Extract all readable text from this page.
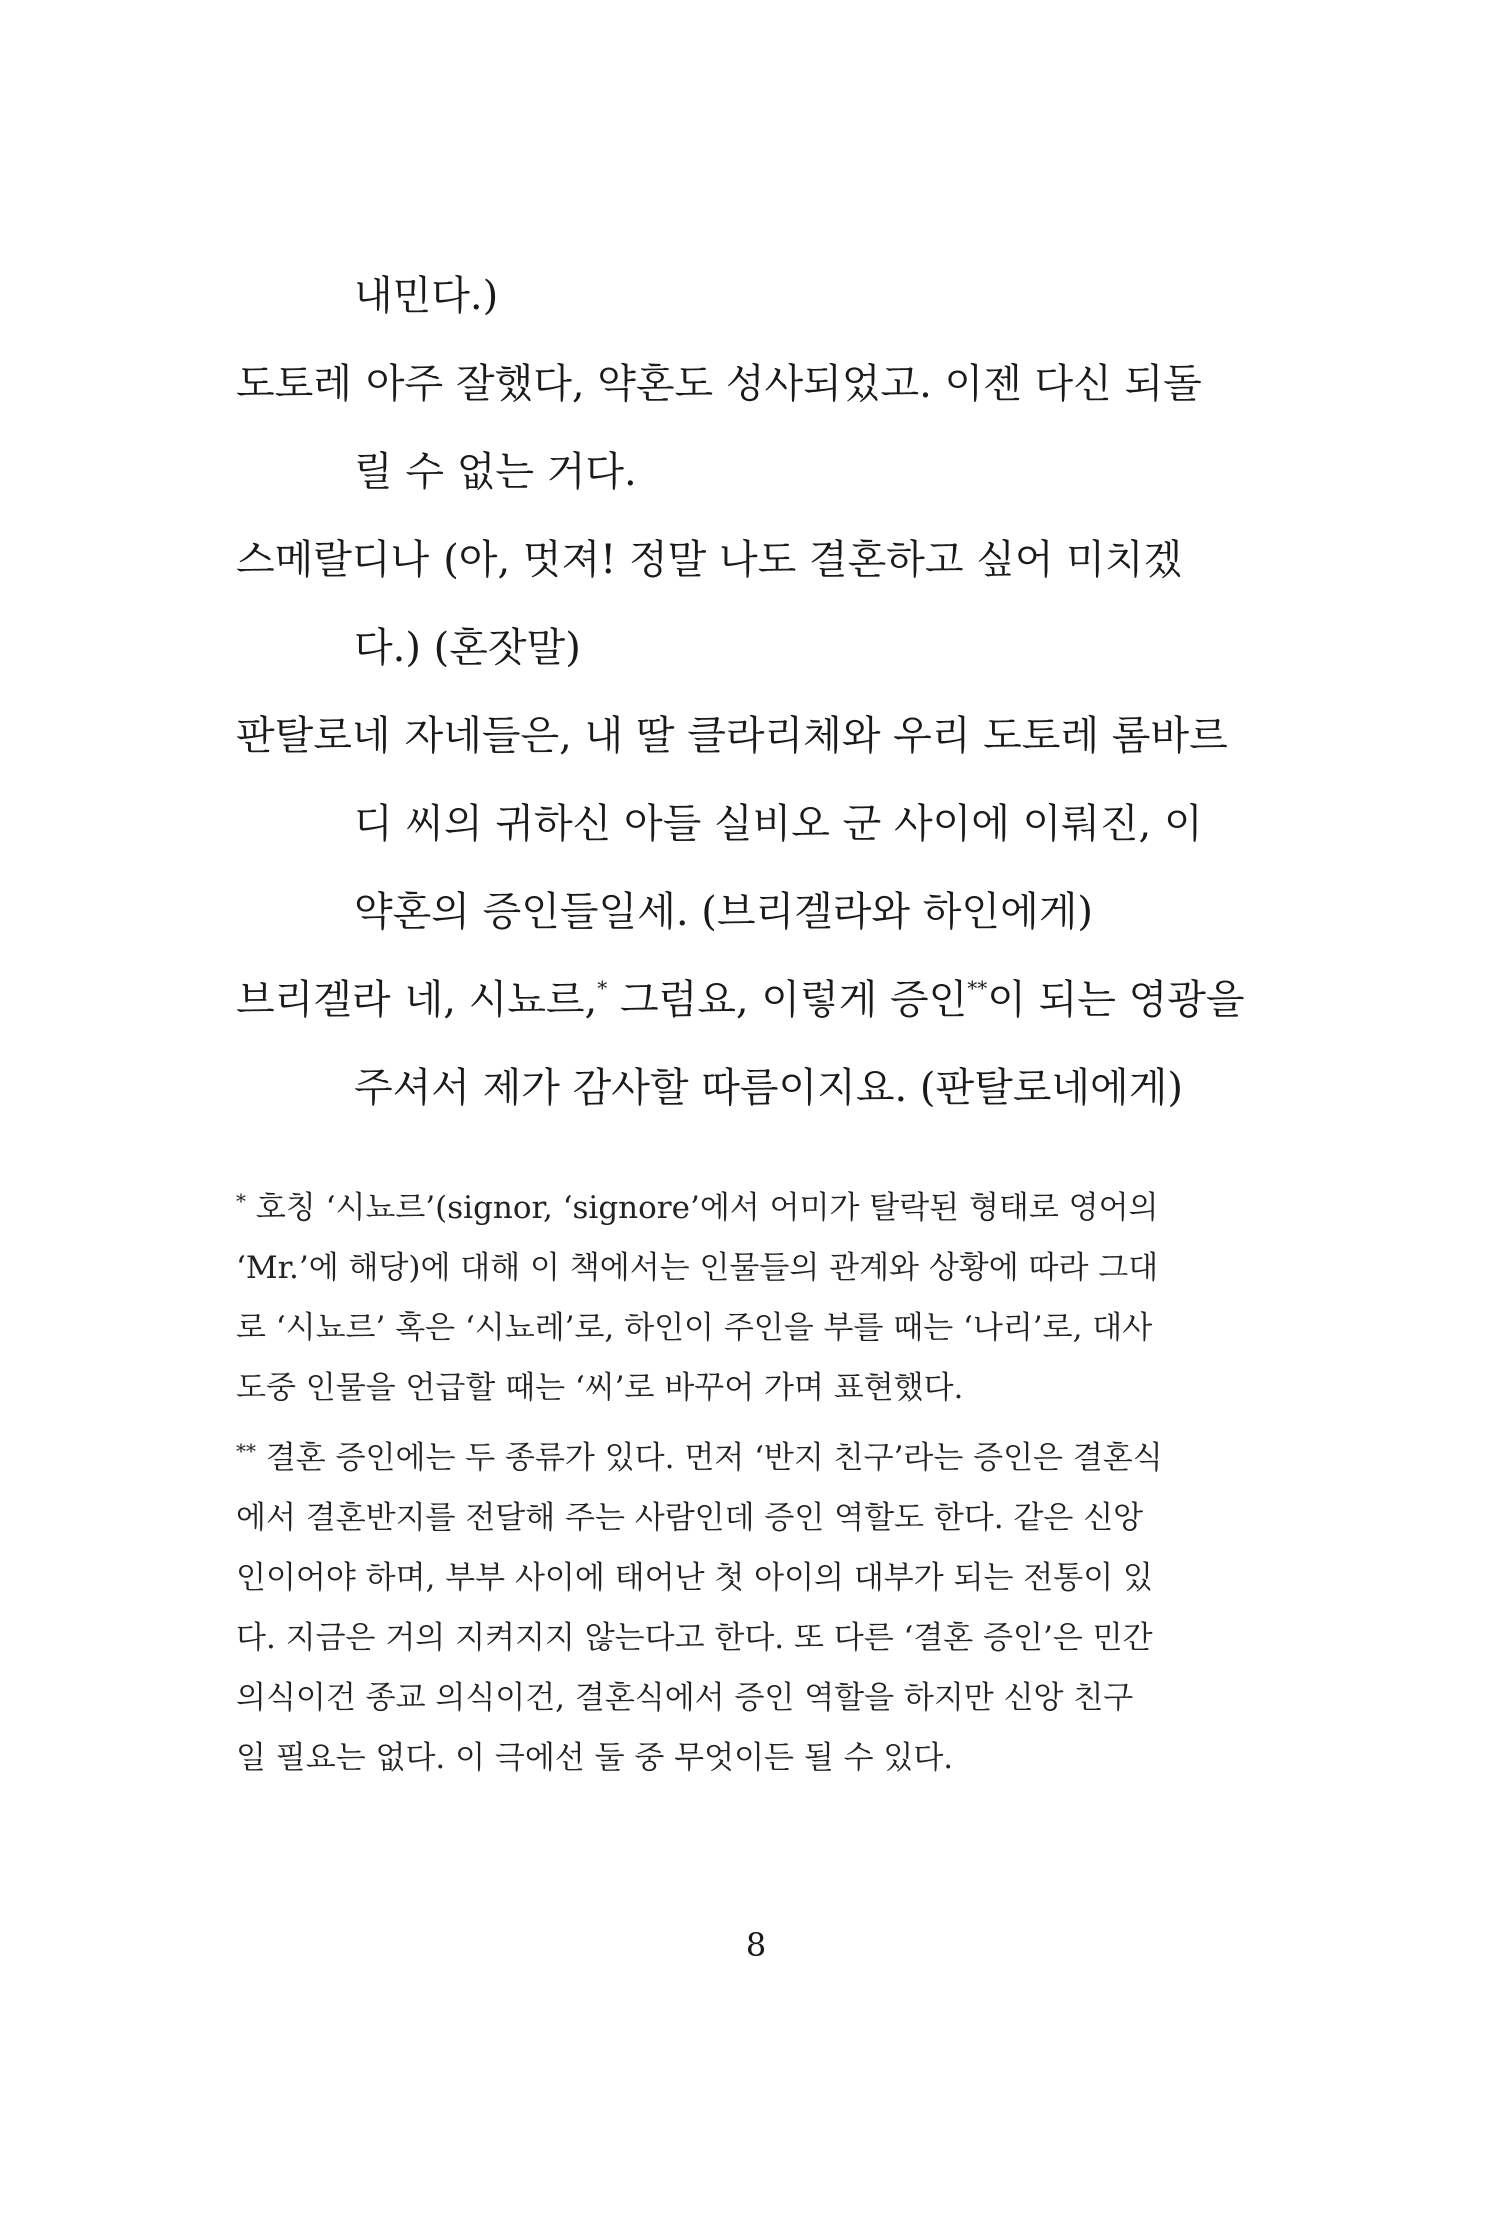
내민다.)
도토레 아주 잘했다, 약혼도 성사되었고. 이젠 다신 되돌
릴 수 없는 거다.
스메랄디나 (아, 멋져! 정말 나도 결혼하고 싶어 미치겠
다.) (혼잣말)
판탈로네 자네들은, 내 딸 클라리체와 우리 도토레 롬바르
디 씨의 귀하신 아들 실비오 군 사이에 이뤄진, 이
약혼의 증인들일세. (브리겔라와 하인에게)
브리겔라 네, 시뇨르,* 그럼요, 이렇게 증인**이 되는 영광을
주셔서 제가 감사할 따름이지요. (판탈로네에게)
* 호칭 ‘시뇨르’(signor, ‘signore’에서 어미가 탈락된 형태로 영어의
‘Mr.’에 해당)에 대해 이 책에서는 인물들의 관계와 상황에 따라 그대
로 ‘시뇨르’ 혹은 ‘시뇨레’로, 하인이 주인을 부를 때는 ‘나리’로, 대사
도중 인물을 언급할 때는 ‘씨’로 바꾸어 가며 표현했다.
** 결혼 증인에는 두 종류가 있다. 먼저 ‘반지 친구’라는 증인은 결혼식
에서 결혼반지를 전달해 주는 사람인데 증인 역할도 한다. 같은 신앙
인이어야 하며, 부부 사이에 태어난 첫 아이의 대부가 되는 전통이 있
다. 지금은 거의 지켜지지 않는다고 한다. 또 다른 ‘결혼 증인’은 민간
의식이건 종교 의식이건, 결혼식에서 증인 역할을 하지만 신앙 친구
일 필요는 없다. 이 극에선 둘 중 무엇이든 될 수 있다.
8
